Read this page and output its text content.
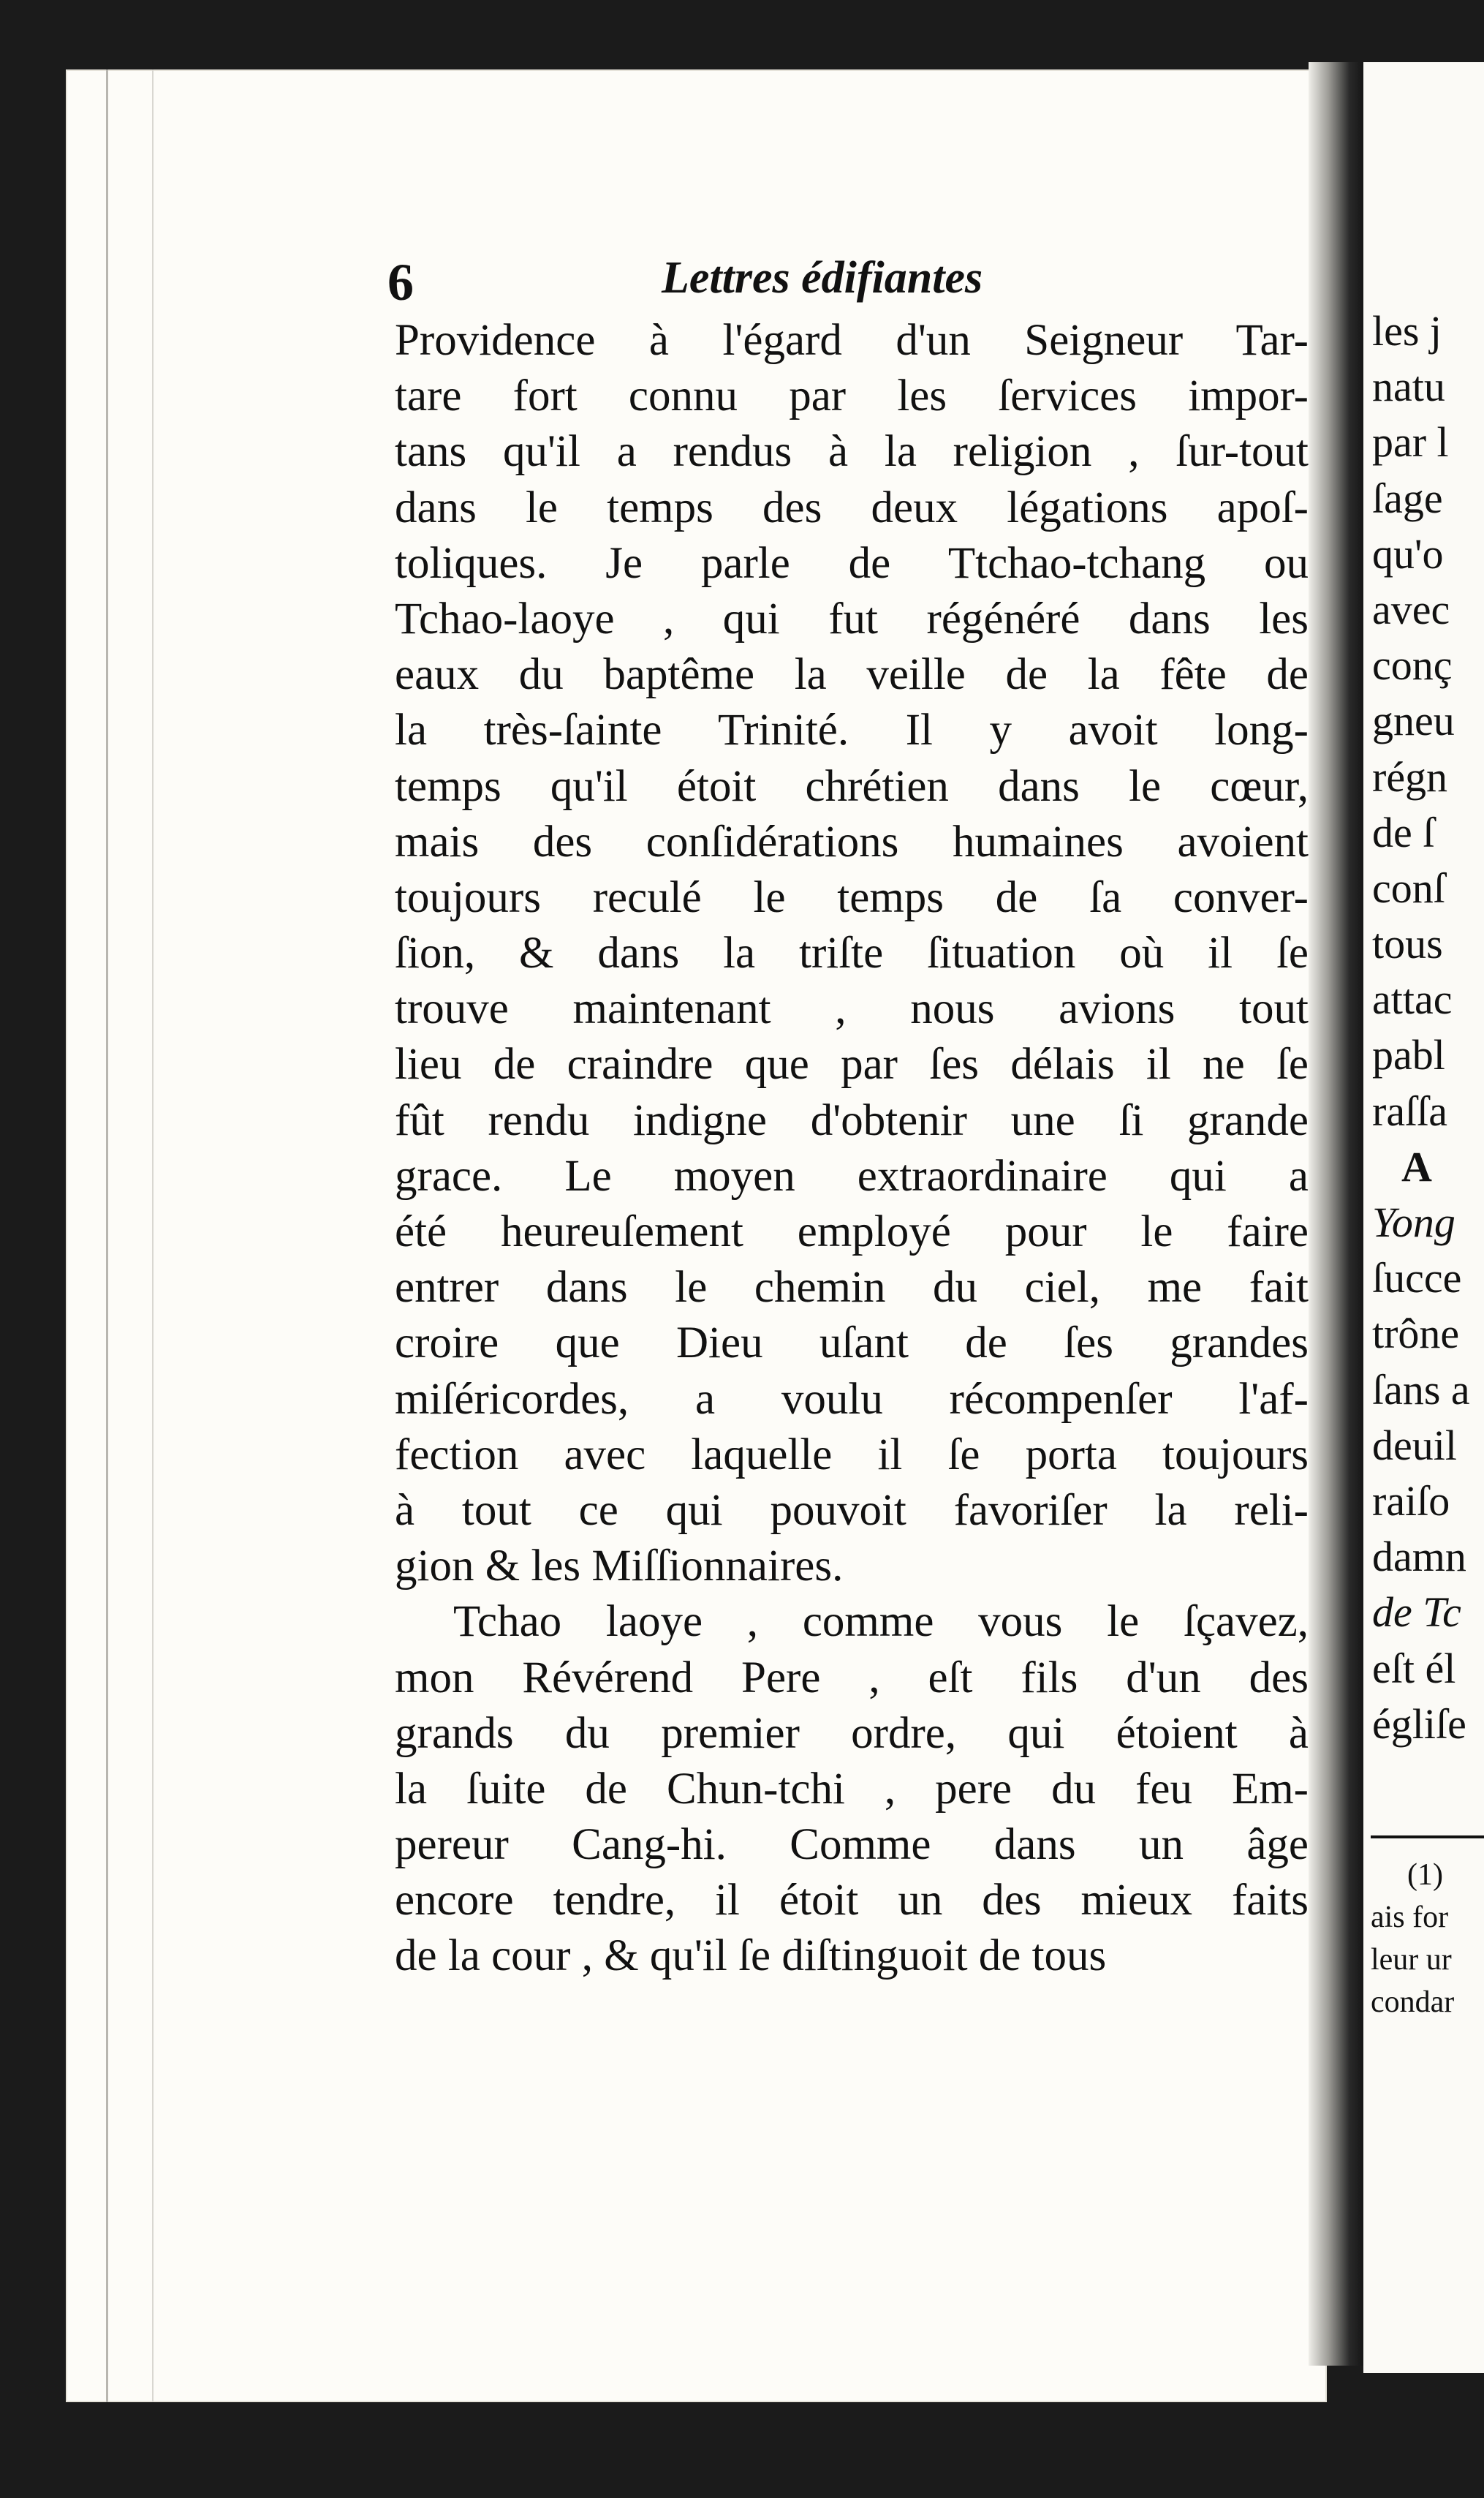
les j
natu
par l
ſage
qu'o
avec
conç
gneu
régn
de ſ
conſ
tous
attac
pabl
raſſa
A
Yong
ſucce
trône
ſans a
deuil
raiſo
damn
de Tc
eſt él
égliſe
(1)
ais for
leur ur
condar
6	Lettres édifiantes
Providence à l'égard d'un Seigneur Tar-
tare fort connu par les ſervices impor-
tans qu'il a rendus à la religion , ſur-tout
dans le temps des deux légations apoſ-
toliques. Je parle de Ttchao-tchang ou
Tchao-laoye , qui fut régénéré dans les
eaux du baptême la veille de la fête de
la très-ſainte Trinité. Il y avoit long-
temps qu'il étoit chrétien dans le cœur,
mais des conſidérations humaines avoient
toujours reculé le temps de ſa conver-
ſion, & dans la triſte ſituation où il ſe
trouve maintenant , nous avions tout
lieu de craindre que par ſes délais il ne ſe
fût rendu indigne d'obtenir une ſi grande
grace. Le moyen extraordinaire qui a
été heureuſement employé pour le faire
entrer dans le chemin du ciel, me fait
croire que Dieu uſant de ſes grandes
miſéricordes, a voulu récompenſer l'af-
fection avec laquelle il ſe porta toujours
à tout ce qui pouvoit favoriſer la reli-
gion & les Miſſionnaires.
Tchao laoye , comme vous le ſçavez,
mon Révérend Pere , eſt fils d'un des
grands du premier ordre, qui étoient à
la ſuite de Chun-tchi , pere du feu Em-
pereur Cang-hi. Comme dans un âge
encore tendre, il étoit un des mieux faits
de la cour , & qu'il ſe diſtinguoit de tous
